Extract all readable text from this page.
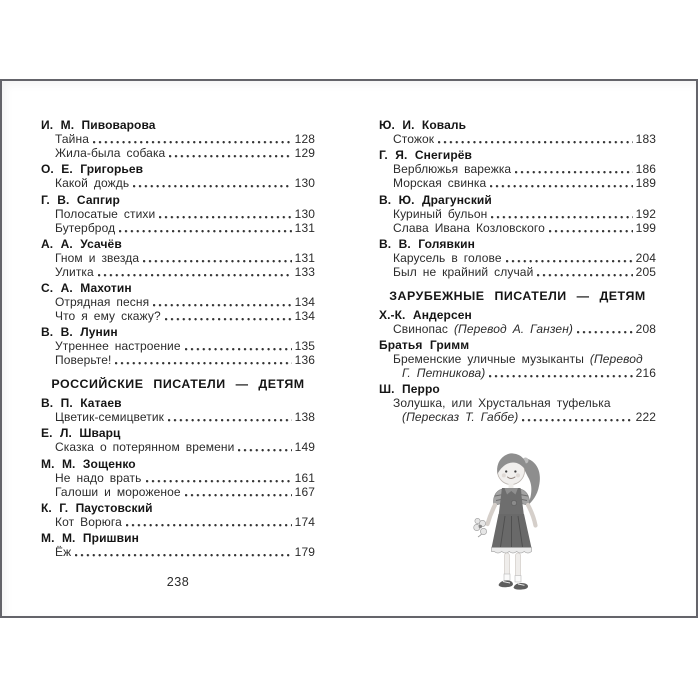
И. М. Пивоварова
Тайна	128
Жила-была собака	129
О. Е. Григорьев
Какой дождь	130
Г. В. Сапгир
Полосатые стихи	130
Бутерброд	131
А. А. Усачёв
Гном и звезда	131
Улитка	133
С. А. Махотин
Отрядная песня	134
Что я ему скажу?	134
В. В. Лунин
Утреннее настроение	135
Поверьте!	136
РОССИЙСКИЕ ПИСАТЕЛИ — ДЕТЯМ
В. П. Катаев
Цветик-семицветик	138
Е. Л. Шварц
Сказка о потерянном времени	149
М. М. Зощенко
Не надо врать	161
Галоши и мороженое	167
К. Г. Паустовский
Кот Ворюга	174
М. М. Пришвин
Ёж	179
Ю. И. Коваль
Стожок	183
Г. Я. Снегирёв
Верблюжья варежка	186
Морская свинка	189
В. Ю. Драгунский
Куриный бульон	192
Слава Ивана Козловского	199
В. В. Голявкин
Карусель в голове	204
Был не крайний случай	205
ЗАРУБЕЖНЫЕ ПИСАТЕЛИ — ДЕТЯМ
Х.-К. Андерсен
Свинопас (Перевод А. Ганзен)	208
Братья Гримм
Бременские уличные музыканты (Перевод
Г. Петникова)	216
Ш. Перро
Золушка, или Хрустальная туфелька
(Пересказ Т. Габбе)	222
238
